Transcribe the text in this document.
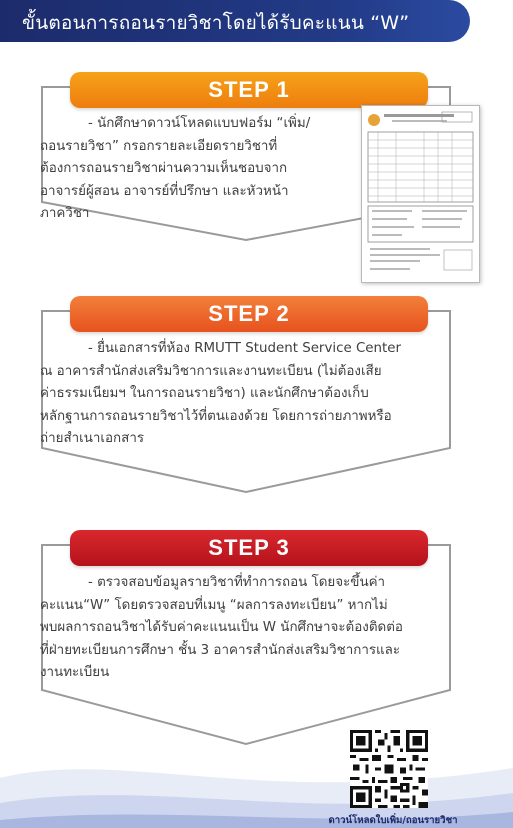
ขั้นตอนการถอนรายวิชาโดยได้รับคะแนน “W”
STEP 1
- นักศึกษาดาวน์โหลดแบบฟอร์ม “เพิ่ม/
ถอนรายวิชา” กรอกรายละเอียดรายวิชาที่
ต้องการถอนรายวิชาผ่านความเห็นชอบจาก
อาจารย์ผู้สอน อาจารย์ที่ปรึกษา และหัวหน้า
ภาควิชา
STEP 2
- ยื่นเอกสารที่ห้อง RMUTT Student Service Center
ณ อาคารสำนักส่งเสริมวิชาการและงานทะเบียน (ไม่ต้องเสีย
ค่าธรรมเนียมฯ ในการถอนรายวิชา) และนักศึกษาต้องเก็บ
หลักฐานการถอนรายวิชาไว้ที่ตนเองด้วย โดยการถ่ายภาพหรือ
ถ่ายสำเนาเอกสาร
STEP 3
- ตรวจสอบข้อมูลรายวิชาที่ทำการถอน โดยจะขึ้นค่า
คะแนน“W” โดยตรวจสอบที่เมนู “ผลการลงทะเบียน” หากไม่
พบผลการถอนวิชาได้รับค่าคะแนนเป็น W นักศึกษาจะต้องติดต่อ
ที่ฝ่ายทะเบียนการศึกษา ชั้น 3 อาคารสำนักส่งเสริมวิชาการและ
งานทะเบียน
ดาวน์โหลดใบเพิ่ม/ถอนรายวิชา
